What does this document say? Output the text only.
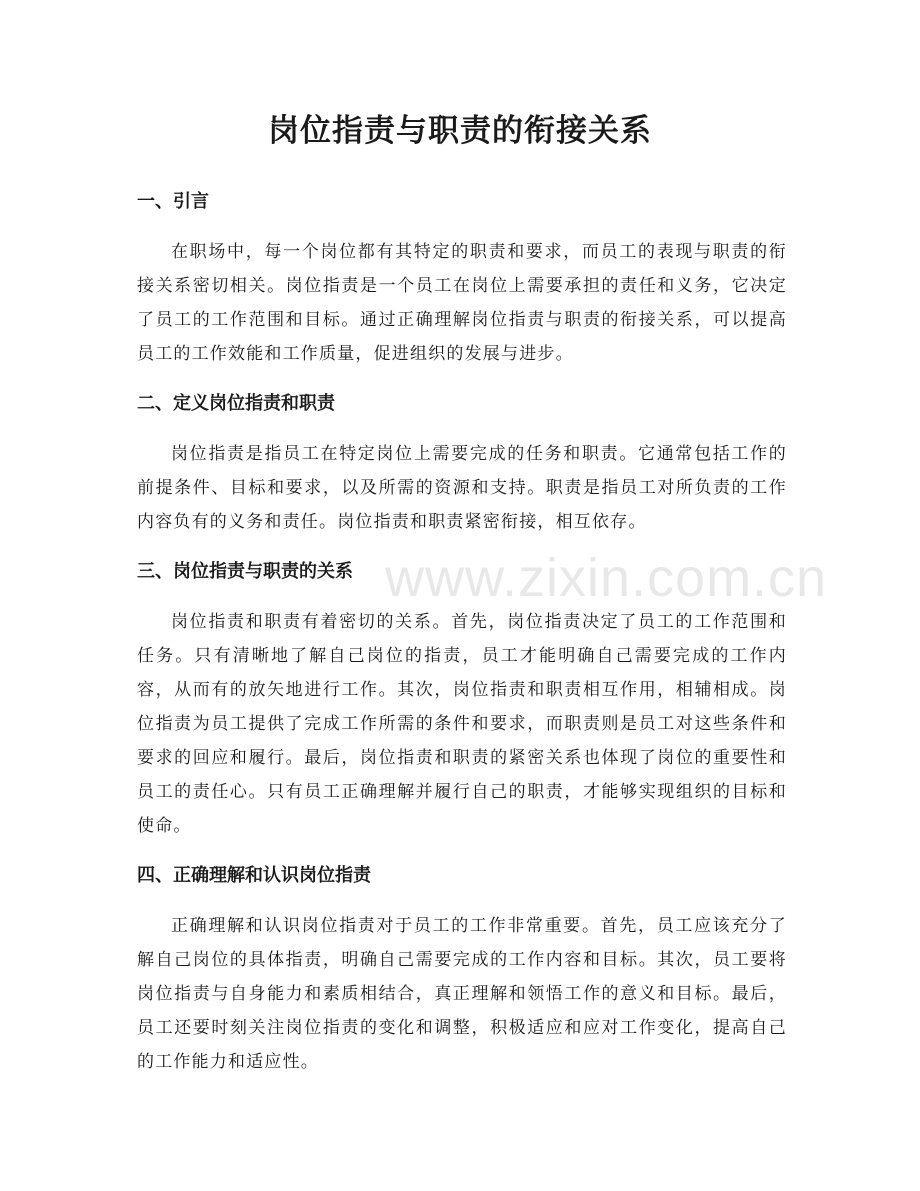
岗位指责与职责的衔接关系
一、引言

在职场中，每一个岗位都有其特定的职责和要求，而员工的表现与职责的衔接关系密切相关。岗位指责是一个员工在岗位上需要承担的责任和义务，它决定了员工的工作范围和目标。通过正确理解岗位指责与职责的衔接关系，可以提高员工的工作效能和工作质量，促进组织的发展与进步。

二、定义岗位指责和职责

岗位指责是指员工在特定岗位上需要完成的任务和职责。它通常包括工作的前提条件、目标和要求，以及所需的资源和支持。职责是指员工对所负责的工作内容负有的义务和责任。岗位指责和职责紧密衔接，相互依存。

三、岗位指责与职责的关系

岗位指责和职责有着密切的关系。首先，岗位指责决定了员工的工作范围和任务。只有清晰地了解自己岗位的指责，员工才能明确自己需要完成的工作内容，从而有的放矢地进行工作。其次，岗位指责和职责相互作用，相辅相成。岗位指责为员工提供了完成工作所需的条件和要求，而职责则是员工对这些条件和要求的回应和履行。最后，岗位指责和职责的紧密关系也体现了岗位的重要性和员工的责任心。只有员工正确理解并履行自己的职责，才能够实现组织的目标和使命。

四、正确理解和认识岗位指责

正确理解和认识岗位指责对于员工的工作非常重要。首先，员工应该充分了解自己岗位的具体指责，明确自己需要完成的工作内容和目标。其次，员工要将岗位指责与自身能力和素质相结合，真正理解和领悟工作的意义和目标。最后，员工还要时刻关注岗位指责的变化和调整，积极适应和应对工作变化，提高自己的工作能力和适应性。

www.zixin.com.cn
